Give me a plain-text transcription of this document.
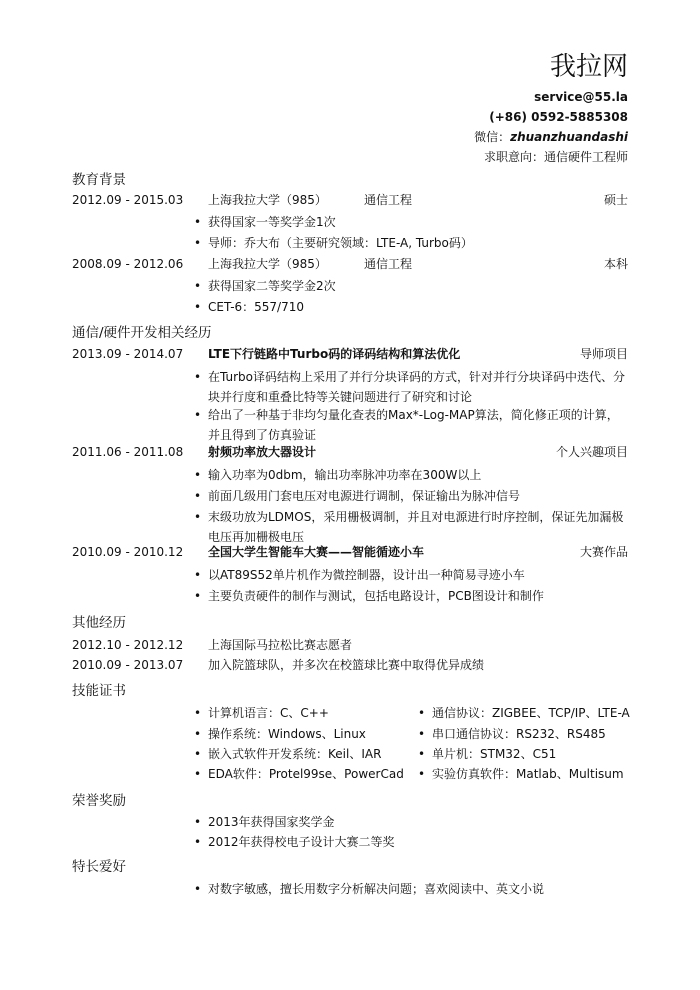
我拉网
service@55.la
(+86) 0592-5885308
微信：zhuanzhuandashi
求职意向：通信硬件工程师
教育背景
2012.09 - 2015.03 上海我拉大学（985）	通信工程	硕士
• 获得国家一等奖学金1次
• 导师：乔大布（主要研究领域：LTE-A, Turbo码）
2008.09 - 2012.06 上海我拉大学（985）	通信工程	本科
• 获得国家二等奖学金2次
• CET-6：557/710
通信/硬件开发相关经历
2013.09 - 2014.07 LTE下行链路中Turbo码的译码结构和算法优化	导师项目
• 在Turbo译码结构上采用了并行分块译码的方式，针对并行分块译码中迭代、分块并行度和重叠比特等关键问题进行了研究和讨论
• 给出了一种基于非均匀量化查表的Max*-Log-MAP算法，简化修正项的计算，并且得到了仿真验证
2011.06 - 2011.08 射频功率放大器设计	个人兴趣项目
• 输入功率为0dbm，输出功率脉冲功率在300W以上
• 前面几级用门套电压对电源进行调制，保证输出为脉冲信号
• 末级功放为LDMOS，采用栅极调制，并且对电源进行时序控制，保证先加漏极电压再加栅极电压
2010.09 - 2010.12 全国大学生智能车大赛——智能循迹小车	大赛作品
• 以AT89S52单片机作为微控制器，设计出一种简易寻迹小车
• 主要负责硬件的制作与测试，包括电路设计，PCB图设计和制作
其他经历
2012.10 - 2012.12 上海国际马拉松比赛志愿者
2010.09 - 2013.07 加入院篮球队，并多次在校篮球比赛中取得优异成绩
技能证书
• 计算机语言：C、C++
• 操作系统：Windows、Linux
• 嵌入式软件开发系统：Keil、IAR
• EDA软件：Protel99se、PowerCad
• 通信协议：ZIGBEE、TCP/IP、LTE-A
• 串口通信协议：RS232、RS485
• 单片机：STM32、C51
• 实验仿真软件：Matlab、Multisum
荣誉奖励
• 2013年获得国家奖学金
• 2012年获得校电子设计大赛二等奖
特长爱好
• 对数字敏感，擅长用数字分析解决问题；喜欢阅读中、英文小说
